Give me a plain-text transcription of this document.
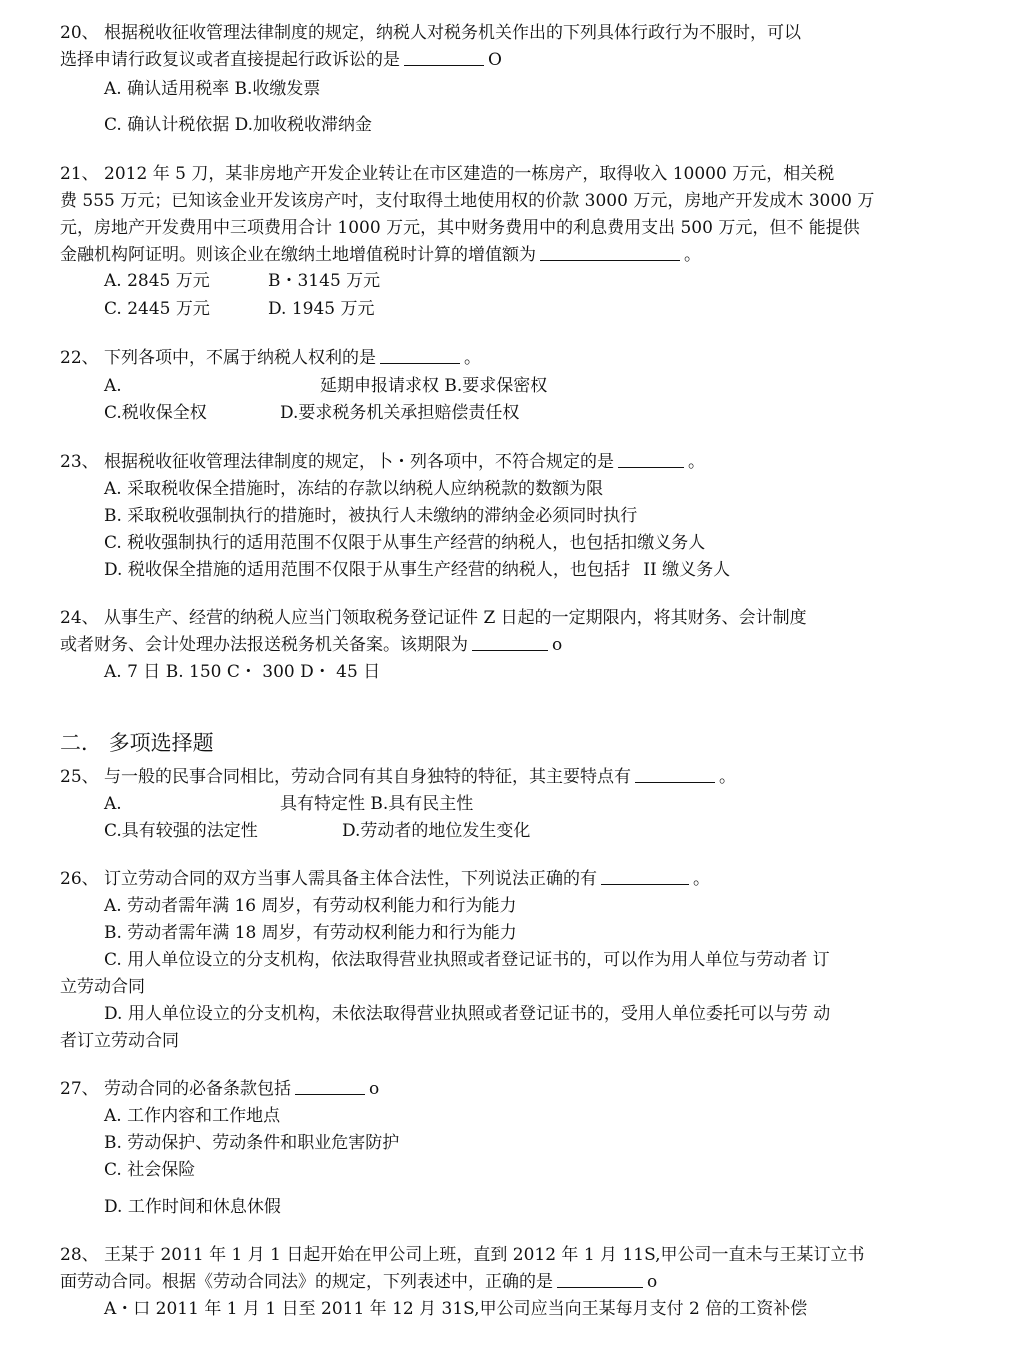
20、 根据税收征收管理法律制度的规定，纳税人对税务机关作出的下列具体行政行为不服时，可以
选择申请行政复议或者直接提起行政诉讼的是	O
A. 确认适用税率 B.收缴发票
C. 确认计税依据 D.加收税收滞纳金
21、 2012 年 5 刀，某非房地产开发企业转让在市区建造的一栋房产，取得收入 10000 万元，相关税
费 555 万元；已知该金业开发该房产吋，支付取得土地使用权的价款 3000 万元，房地产开发成木 3000 万
元，房地产开发费用中三项费用合计 1000 万元，其中财务费用中的利息费用支出 500 万元，但不 能提供
金融机构阿证明。则该企业在缴纳土地增值税时计算的增值额为	。
A. 2845 万元	B・3145 万元
C. 2445 万元	D. 1945 万元
22、 下列各项中，不属于纳税人权利的是	。
A.	延期申报请求权 B.要求保密权
C.税收保全权	D.要求税务机关承担赔偿责任权
23、 根据税收征收管理法律制度的规定，卜・列各项中，不符合规定的是	。
A. 采取税收保全措施时，冻结的存款以纳税人应纳税款的数额为限
B. 采取税收强制执行的措施时，被执行人未缴纳的滞纳金必须同时执行
C. 税收强制执行的适用范围不仅限于从事生产经营的纳税人，也包括扣缴义务人
D. 税收保全措施的适用范围不仅限于从事生产经营的纳税人，也包括扌 II 缴义务人
24、 从事生产、经营的纳税人应当门领取税务登记证件 Z 日起的一定期限内，将其财务、会计制度
或者财务、会计处理办法报送税务机关备案。该期限为	o
A. 7 日 B. 150 C・ 300 D・ 45 日
二． 多项选择题
25、 与一般的民事合同相比，劳动合同有其自身独特的特征，其主要特点有	。
A.	具有特定性 B.具有民主性
C.具有较强的法定性	D.劳动者的地位发生变化
26、 订立劳动合同的双方当事人需具备主体合法性，下列说法正确的有	。
A. 劳动者需年满 16 周岁，有劳动权利能力和行为能力
B. 劳动者需年满 18 周岁，有劳动权利能力和行为能力
C. 用人单位设立的分支机构，依法取得营业执照或者登记证书的，可以作为用人单位与劳动者 订
立劳动合同
D. 用人单位设立的分支机构，未依法取得营业执照或者登记证书的，受用人单位委托可以与劳 动
者订立劳动合同
27、 劳动合同的必备条款包括	o
A. 工作内容和工作地点
B. 劳动保护、劳动条件和职业危害防护
C. 社会保险
D. 工作时间和休息休假
28、 王某于 2011 年 1 月 1 日起开始在甲公司上班，直到 2012 年 1 月 11S,甲公司一直未与王某订立书
面劳动合同。根据《劳动合同法》的规定，下列表述中，正确的是	o
A・口 2011 年 1 月 1 日至 2011 年 12 月 31S,甲公司应当向王某每月支付 2 倍的工资补偿
